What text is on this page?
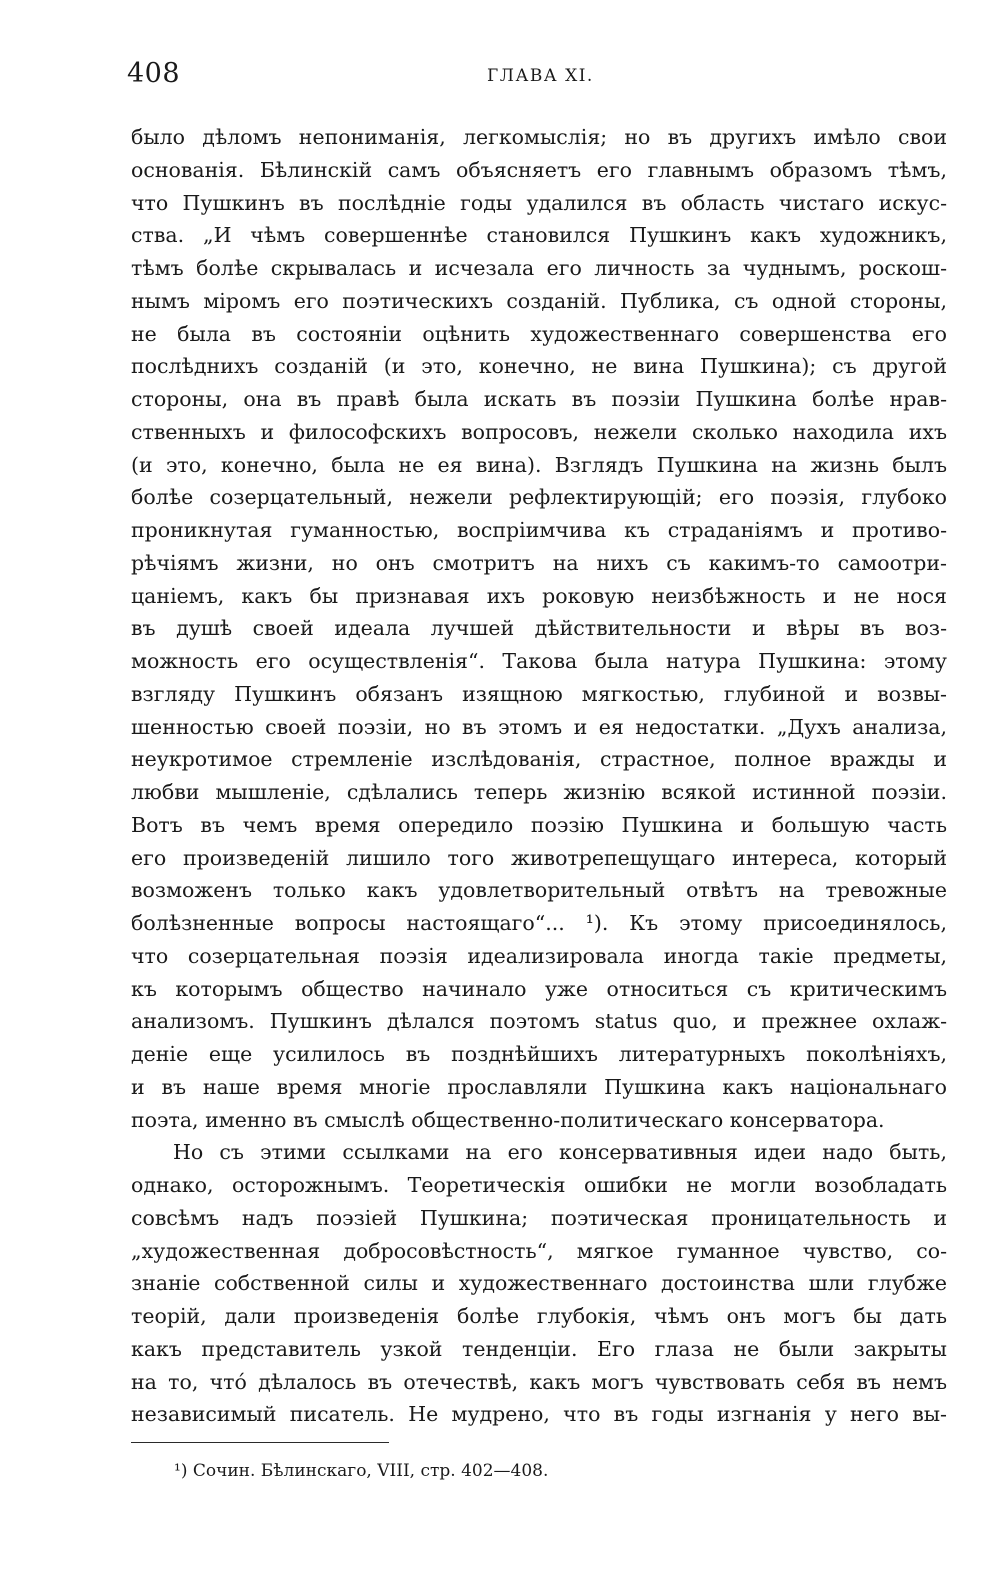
408	ГЛАВА XI.
было дѣломъ непониманія, легкомыслія; но въ другихъ имѣло свои
основанія. Бѣлинскій самъ объясняетъ его главнымъ образомъ тѣмъ,
что Пушкинъ въ послѣдніе годы удалился въ область чистаго искус-
ства. „И чѣмъ совершеннѣе становился Пушкинъ какъ художникъ,
тѣмъ болѣе скрывалась и исчезала его личность за чуднымъ, роскош-
нымъ міромъ его поэтическихъ созданій. Публика, съ одной стороны,
не была въ состояніи оцѣнить художественнаго совершенства его
послѣднихъ созданій (и это, конечно, не вина Пушкина); съ другой
стороны, она въ правѣ была искать въ поэзіи Пушкина болѣе нрав-
ственныхъ и философскихъ вопросовъ, нежели сколько находила ихъ
(и это, конечно, была не ея вина). Взглядъ Пушкина на жизнь былъ
болѣе созерцательный, нежели рефлектирующій; его поэзія, глубоко
проникнутая гуманностью, воспріимчива къ страданіямъ и противо-
рѣчіямъ жизни, но онъ смотритъ на нихъ съ какимъ-то самоотри-
цаніемъ, какъ бы признавая ихъ роковую неизбѣжность и не нося
въ душѣ своей идеала лучшей дѣйствительности и вѣры въ воз-
можность его осуществленія“. Такова была натура Пушкина: этому
взгляду Пушкинъ обязанъ изящною мягкостью, глубиной и возвы-
шенностью своей поэзіи, но въ этомъ и ея недостатки. „Духъ анализа,
неукротимое стремленіе изслѣдованія, страстное, полное вражды и
любви мышленіе, сдѣлались теперь жизнію всякой истинной поэзіи.
Вотъ въ чемъ время опередило поэзію Пушкина и большую часть
его произведеній лишило того животрепещущаго интереса, который
возможенъ только какъ удовлетворительный отвѣтъ на тревожные
болѣзненные вопросы настоящаго“... ¹). Къ этому присоединялось,
что созерцательная поэзія идеализировала иногда такіе предметы,
къ которымъ общество начинало уже относиться съ критическимъ
анализомъ. Пушкинъ дѣлался поэтомъ status quo, и прежнее охлаж-
деніе еще усилилось въ позднѣйшихъ литературныхъ поколѣніяхъ,
и въ наше время многіе прославляли Пушкина какъ національнаго
поэта, именно въ смыслѣ общественно-политическаго консерватора.
Но съ этими ссылками на его консервативныя идеи надо быть,
однако, осторожнымъ. Теоретическія ошибки не могли возобладать
совсѣмъ надъ поэзіей Пушкина; поэтическая проницательность и
„художественная добросовѣстность“, мягкое гуманное чувство, со-
знаніе собственной силы и художественнаго достоинства шли глубже
теорій, дали произведенія болѣе глубокія, чѣмъ онъ могъ бы дать
какъ представитель узкой тенденціи. Его глаза не были закрыты
на то, что́ дѣлалось въ отечествѣ, какъ могъ чувствовать себя въ немъ
независимый писатель. Не мудрено, что въ годы изгнанія у него вы-
¹) Сочин. Бѣлинскаго, VIII, стр. 402—408.
